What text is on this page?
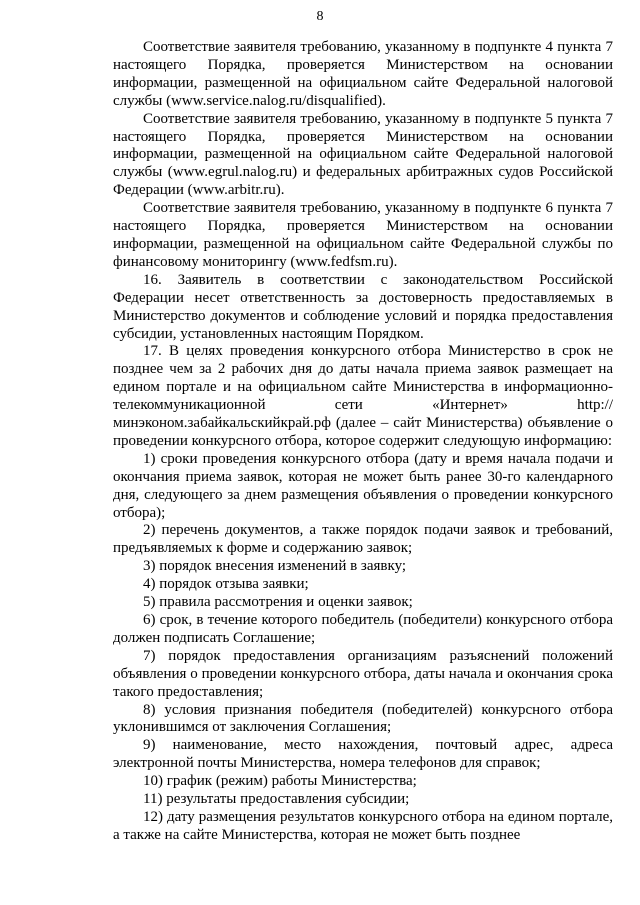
8

Соответствие заявителя требованию, указанному в подпункте 4 пункта 7 настоящего Порядка, проверяется Министерством на основании информации, размещенной на официальном сайте Федеральной налоговой службы (www.service.nalog.ru/disqualified).

Соответствие заявителя требованию, указанному в подпункте 5 пункта 7 настоящего Порядка, проверяется Министерством на основании информации, размещенной на официальном сайте Федеральной налоговой службы (www.egrul.nalog.ru) и федеральных арбитражных судов Российской Федерации (www.arbitr.ru).

Соответствие заявителя требованию, указанному в подпункте 6 пункта 7 настоящего Порядка, проверяется Министерством на основании информации, размещенной на официальном сайте Федеральной службы по финансовому мониторингу (www.fedfsm.ru).

16. Заявитель в соответствии с законодательством Российской Федерации несет ответственность за достоверность предоставляемых в Министерство документов и соблюдение условий и порядка предоставления субсидии, установленных настоящим Порядком.

17. В целях проведения конкурсного отбора Министерство в срок не позднее чем за 2 рабочих дня до даты начала приема заявок размещает на едином портале и на официальном сайте Министерства в информационно-телекоммуникационной сети «Интернет» http://минэконом.забайкальскийкрай.рф (далее – сайт Министерства) объявление о проведении конкурсного отбора, которое содержит следующую информацию:

1) сроки проведения конкурсного отбора (дату и время начала подачи и окончания приема заявок, которая не может быть ранее 30-го календарного дня, следующего за днем размещения объявления о проведении конкурсного отбора);

2) перечень документов, а также порядок подачи заявок и требований, предъявляемых к форме и содержанию заявок;

3) порядок внесения изменений в заявку;

4) порядок отзыва заявки;

5) правила рассмотрения и оценки заявок;

6) срок, в течение которого победитель (победители) конкурсного отбора должен подписать Соглашение;

7) порядок предоставления организациям разъяснений положений объявления о проведении конкурсного отбора, даты начала и окончания срока такого предоставления;

8) условия признания победителя (победителей) конкурсного отбора уклонившимся от заключения Соглашения;

9) наименование, место нахождения, почтовый адрес, адреса электронной почты Министерства, номера телефонов для справок;

10) график (режим) работы Министерства;

11) результаты предоставления субсидии;

12) дату размещения результатов конкурсного отбора на едином портале, а также на сайте Министерства, которая не может быть позднее
